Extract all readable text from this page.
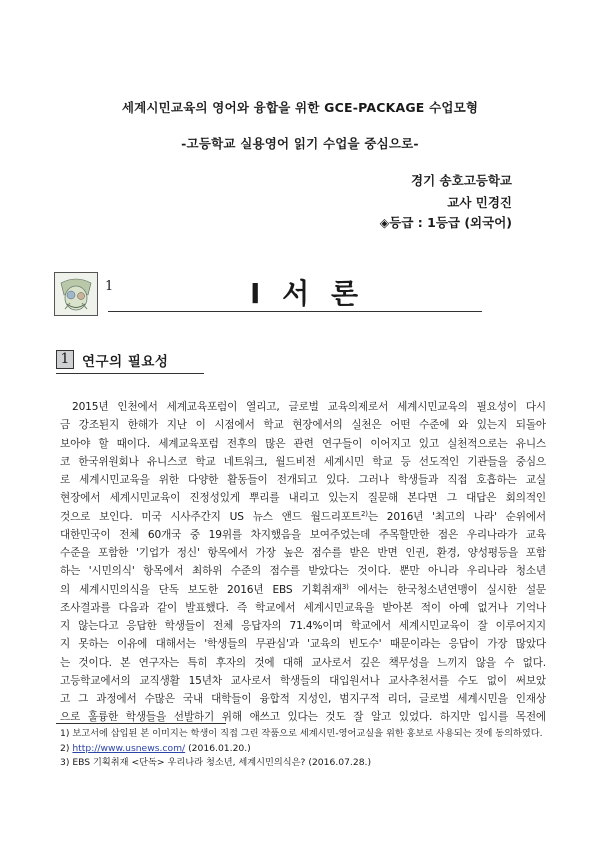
세계시민교육의 영어와 융합을 위한 GCE-PACKAGE 수업모형
-고등학교 실용영어 읽기 수업을 중심으로-
경기 송호고등학교
교사 민경진
◈등급 : 1등급 (외국어)
1	Ⅰ 서 론
1 연구의 필요성
2015년 인천에서 세계교육포럼이 열리고, 글로벌 교육의제로서 세계시민교육의 필요성이 다시
금 강조된지 한해가 지난 이 시점에서 학교 현장에서의 실천은 어떤 수준에 와 있는지 되돌아
보아야 할 때이다. 세계교육포럼 전후의 많은 관련 연구들이 이어지고 있고 실천적으로는 유니스
코 한국위원회나 유니스코 학교 네트워크, 월드비전 세계시민 학교 등 선도적인 기관들을 중심으
로 세계시민교육을 위한 다양한 활동들이 전개되고 있다. 그러나 학생들과 직접 호흡하는 교실
현장에서 세계시민교육이 진정성있게 뿌리를 내리고 있는지 질문해 본다면 그 대답은 회의적인
것으로 보인다. 미국 시사주간지 US 뉴스 앤드 월드리포트$^{2)}$는 2016년 '최고의 나라' 순위에서
대한민국이 전체 60개국 중 19위를 차지했음을 보여주었는데 주목할만한 점은 우리나라가 교육
수준을 포함한 '기업가 정신' 항목에서 가장 높은 점수를 받은 반면 인권, 환경, 양성평등을 포함
하는 '시민의식' 항목에서 최하위 수준의 점수를 받았다는 것이다. 뿐만 아니라 우리나라 청소년
의 세계시민의식을 단독 보도한 2016년 EBS 기획취재$^{3)}$ 에서는 한국청소년연맹이 실시한 설문
조사결과를 다음과 같이 발표했다. 즉 학교에서 세계시민교육을 받아본 적이 아예 없거나 기억나
지 않는다고 응답한 학생들이 전체 응답자의 71.4%이며 학교에서 세계시민교육이 잘 이루어지지
지 못하는 이유에 대해서는 '학생들의 무관심'과 '교육의 빈도수' 때문이라는 응답이 가장 많았다
는 것이다. 본 연구자는 특히 후자의 것에 대해 교사로서 깊은 책무성을 느끼지 않을 수 없다.
고등학교에서의 교직생활 15년차 교사로서 학생들의 대입원서나 교사추천서를 수도 없이 써보았
고 그 과정에서 수많은 국내 대학들이 융합적 지성인, 범지구적 리더, 글로벌 세계시민을 인재상
으로 훌륭한 학생들을 선발하기 위해 애쓰고 있다는 것도 잘 알고 있었다. 하지만 입시를 목전에
1) 보고서에 삽입된 본 이미지는 학생이 직접 그린 작품으로 세계시민-영어교실을 위한 홍보로 사용되는 것에 동의하였다.
2) http://www.usnews.com/ (2016.01.20.)
3) EBS 기획취재 <단독> 우리나라 청소년, 세계시민의식은? (2016.07.28.)
